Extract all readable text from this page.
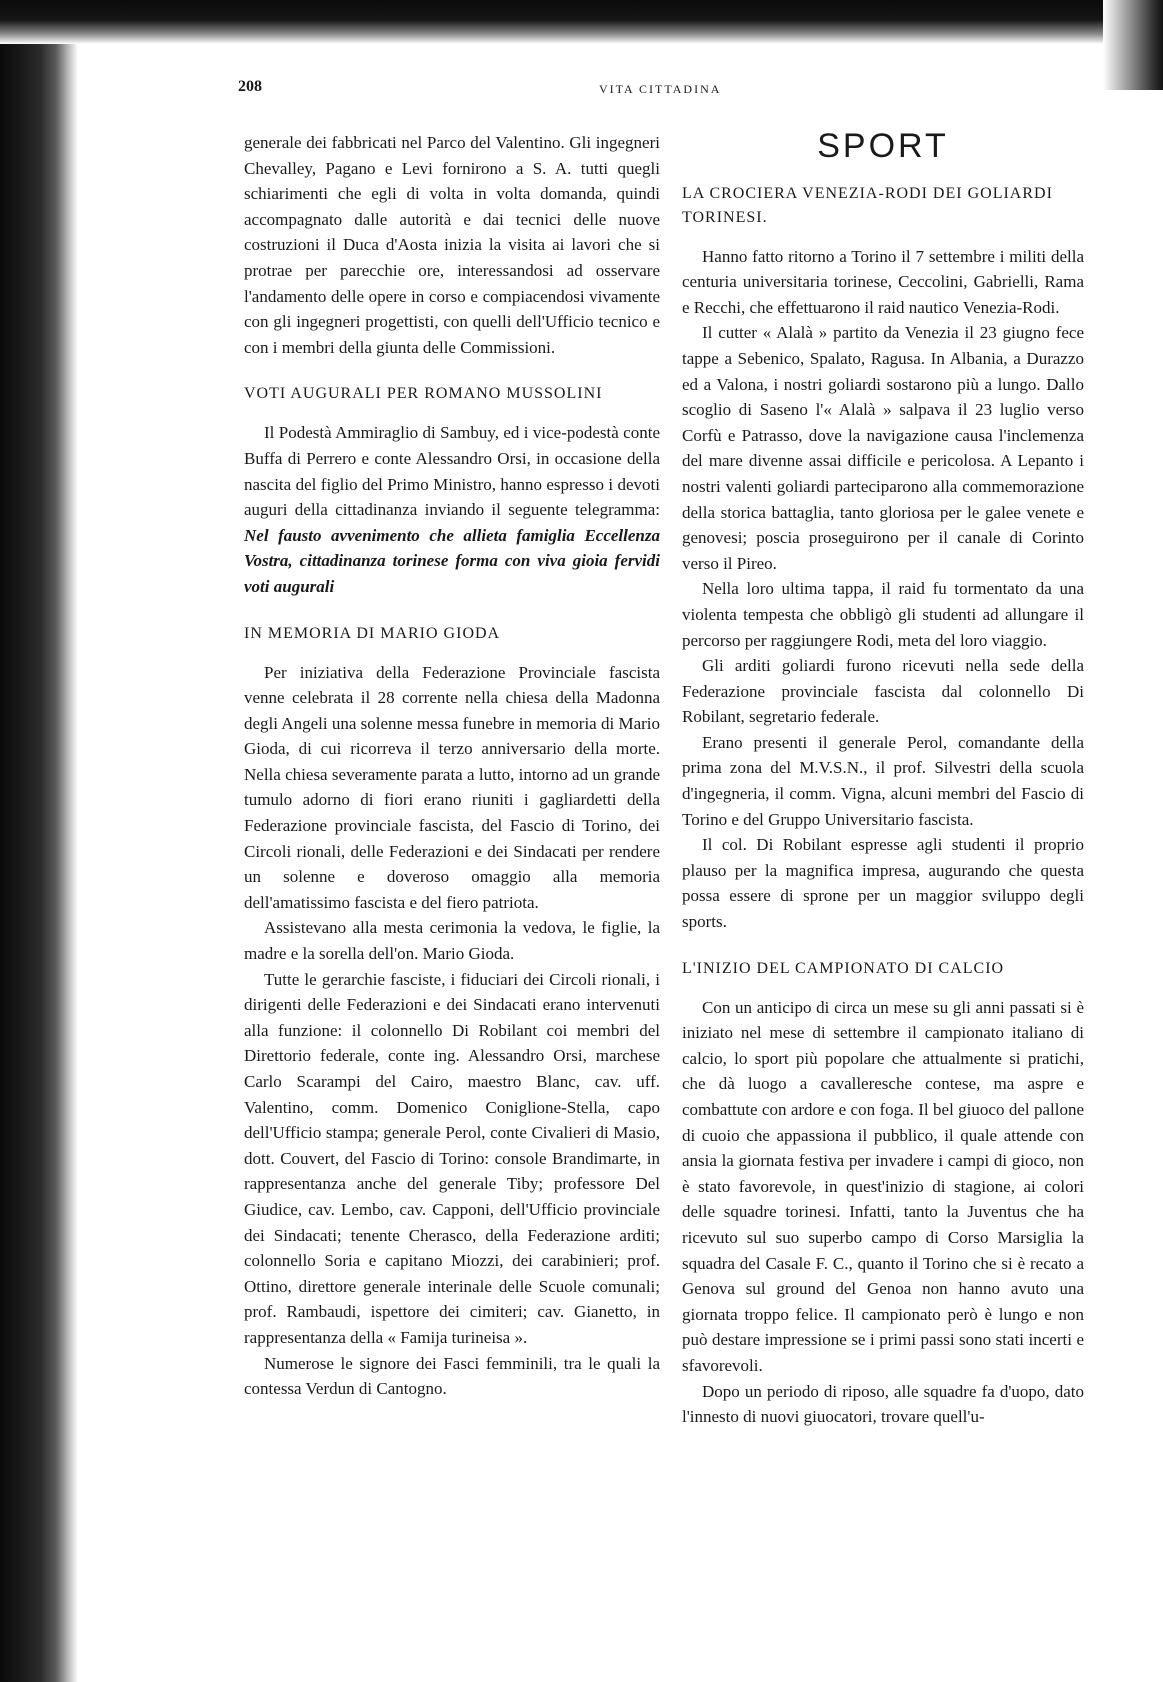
208	VITA CITTADINA

generale dei fabbricati nel Parco del Valentino. Gli ingegneri Chevalley, Pagano e Levi fornirono a S. A. tutti quegli schiarimenti che egli di volta in volta domanda, quindi accompagnato dalle autorità e dai tecnici delle nuove costruzioni il Duca d'Aosta inizia la visita ai lavori che si protrae per parecchie ore, interessandosi ad osservare l'andamento delle opere in corso e compiacendosi vivamente con gli ingegneri progettisti, con quelli dell'Ufficio tecnico e con i membri della giunta delle Commissioni.

VOTI AUGURALI PER ROMANO MUSSOLINI

Il Podestà Ammiraglio di Sambuy, ed i vice-podestà conte Buffa di Perrero e conte Alessandro Orsi, in occasione della nascita del figlio del Primo Ministro, hanno espresso i devoti auguri della cittadinanza inviando il seguente telegramma: Nel fausto avvenimento che allieta famiglia Eccellenza Vostra, cittadinanza torinese forma con viva gioia fervidi voti augurali

IN MEMORIA DI MARIO GIODA

Per iniziativa della Federazione Provinciale fascista venne celebrata il 28 corrente nella chiesa della Madonna degli Angeli una solenne messa funebre in memoria di Mario Gioda, di cui ricorreva il terzo anniversario della morte. Nella chiesa severamente parata a lutto, intorno ad un grande tumulo adorno di fiori erano riuniti i gagliardetti della Federazione provinciale fascista, del Fascio di Torino, dei Circoli rionali, delle Federazioni e dei Sindacati per rendere un solenne e doveroso omaggio alla memoria dell'amatissimo fascista e del fiero patriota.

Assistevano alla mesta cerimonia la vedova, le figlie, la madre e la sorella dell'on. Mario Gioda.

Tutte le gerarchie fasciste, i fiduciari dei Circoli rionali, i dirigenti delle Federazioni e dei Sindacati erano intervenuti alla funzione: il colonnello Di Robilant coi membri del Direttorio federale, conte ing. Alessandro Orsi, marchese Carlo Scarampi del Cairo, maestro Blanc, cav. uff. Valentino, comm. Domenico Coniglione-Stella, capo dell'Ufficio stampa; generale Perol, conte Civalieri di Masio, dott. Couvert, del Fascio di Torino: console Brandimarte, in rappresentanza anche del generale Tiby; professore Del Giudice, cav. Lembo, cav. Capponi, dell'Ufficio provinciale dei Sindacati; tenente Cherasco, della Federazione arditi; colonnello Soria e capitano Miozzi, dei carabinieri; prof. Ottino, direttore generale interinale delle Scuole comunali; prof. Rambaudi, ispettore dei cimiteri; cav. Gianetto, in rappresentanza della « Famija turineisa ».

Numerose le signore dei Fasci femminili, tra le quali la contessa Verdun di Cantogno.

SPORT
LA CROCIERA VENEZIA-RODI DEI GOLIARDI TORINESI.

Hanno fatto ritorno a Torino il 7 settembre i militi della centuria universitaria torinese, Ceccolini, Gabrielli, Rama e Recchi, che effettuarono il raid nautico Venezia-Rodi.

Il cutter « Alalà » partito da Venezia il 23 giugno fece tappe a Sebenico, Spalato, Ragusa. In Albania, a Durazzo ed a Valona, i nostri goliardi sostarono più a lungo. Dallo scoglio di Saseno l'« Alalà » salpava il 23 luglio verso Corfù e Patrasso, dove la navigazione causa l'inclemenza del mare divenne assai difficile e pericolosa. A Lepanto i nostri valenti goliardi parteciparono alla commemorazione della storica battaglia, tanto gloriosa per le galee venete e genovesi; poscia proseguirono per il canale di Corinto verso il Pireo.

Nella loro ultima tappa, il raid fu tormentato da una violenta tempesta che obbligò gli studenti ad allungare il percorso per raggiungere Rodi, meta del loro viaggio.

Gli arditi goliardi furono ricevuti nella sede della Federazione provinciale fascista dal colonnello Di Robilant, segretario federale.

Erano presenti il generale Perol, comandante della prima zona del M.V.S.N., il prof. Silvestri della scuola d'ingegneria, il comm. Vigna, alcuni membri del Fascio di Torino e del Gruppo Universitario fascista.

Il col. Di Robilant espresse agli studenti il proprio plauso per la magnifica impresa, augurando che questa possa essere di sprone per un maggior sviluppo degli sports.

L'INIZIO DEL CAMPIONATO DI CALCIO

Con un anticipo di circa un mese su gli anni passati si è iniziato nel mese di settembre il campionato italiano di calcio, lo sport più popolare che attualmente si pratichi, che dà luogo a cavalleresche contese, ma aspre e combattute con ardore e con foga. Il bel giuoco del pallone di cuoio che appassiona il pubblico, il quale attende con ansia la giornata festiva per invadere i campi di gioco, non è stato favorevole, in quest'inizio di stagione, ai colori delle squadre torinesi. Infatti, tanto la Juventus che ha ricevuto sul suo superbo campo di Corso Marsiglia la squadra del Casale F. C., quanto il Torino che si è recato a Genova sul ground del Genoa non hanno avuto una giornata troppo felice. Il campionato però è lungo e non può destare impressione se i primi passi sono stati incerti e sfavorevoli.

Dopo un periodo di riposo, alle squadre fa d'uopo, dato l'innesto di nuovi giuocatori, trovare quell'u-
